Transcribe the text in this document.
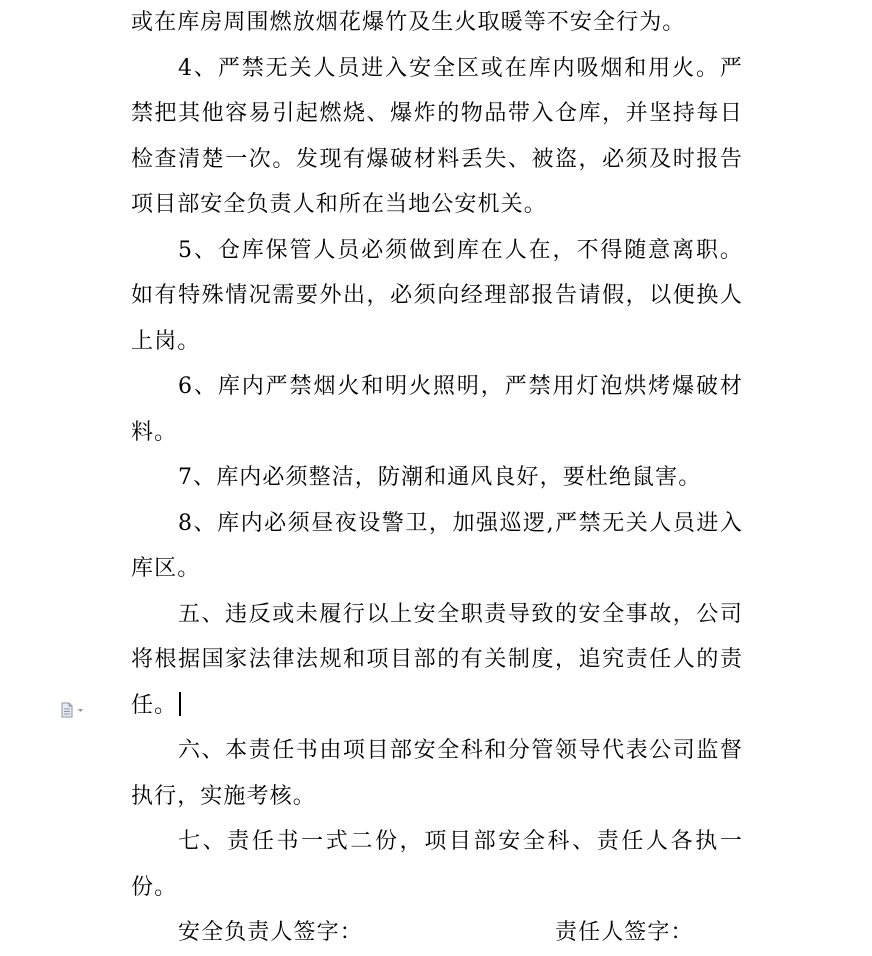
或在库房周围燃放烟花爆竹及生火取暖等不安全行为。

4、严禁无关人员进入安全区或在库内吸烟和用火。严禁把其他容易引起燃烧、爆炸的物品带入仓库，并坚持每日检查清楚一次。发现有爆破材料丢失、被盗，必须及时报告项目部安全负责人和所在当地公安机关。

5、仓库保管人员必须做到库在人在，不得随意离职。如有特殊情况需要外出，必须向经理部报告请假，以便换人上岗。

6、库内严禁烟火和明火照明，严禁用灯泡烘烤爆破材料。

7、库内必须整洁，防潮和通风良好，要杜绝鼠害。

8、库内必须昼夜设警卫，加强巡逻,严禁无关人员进入库区。

五、违反或未履行以上安全职责导致的安全事故，公司将根据国家法律法规和项目部的有关制度，追究责任人的责任。

六、本责任书由项目部安全科和分管领导代表公司监督执行，实施考核。

七、责任书一式二份，项目部安全科、责任人各执一份。

安全负责人签字：	责任人签字：
